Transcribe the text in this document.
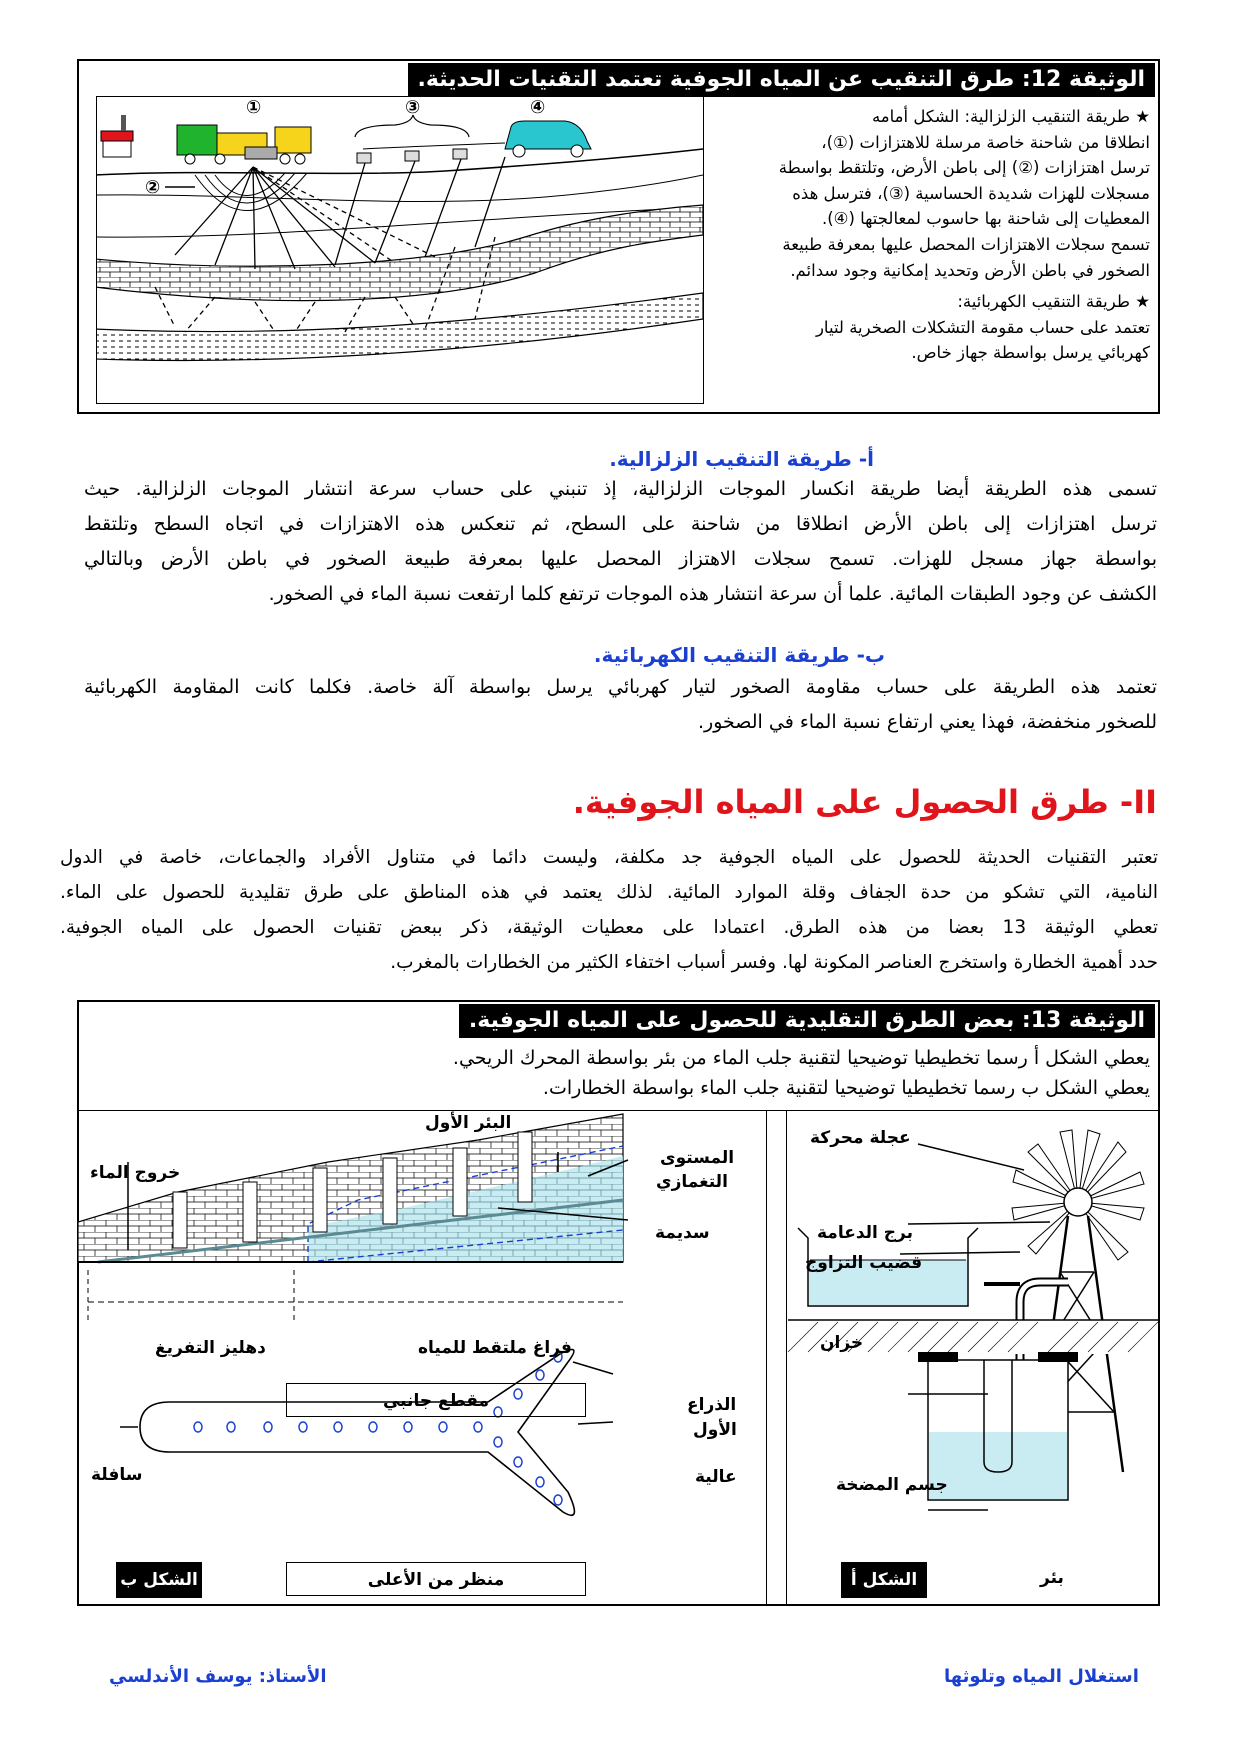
الوثيقة 12: طرق التنقيب عن المياه الجوفية تعتمد التقنيات الحديثة.
①
②
③	④	★ طريقة التنقيب الزلزالية: الشكل أمامه
انطلاقا من شاحنة خاصة مرسلة للاهتزازات (①)،
ترسل اهتزازات (②) إلى باطن الأرض، وتلتقط بواسطة
مسجلات للهزات شديدة الحساسية (③)، فترسل هذه
المعطيات إلى شاحنة بها حاسوب لمعالجتها (④).
تسمح سجلات الاهتزازات المحصل عليها بمعرفة طبيعة
الصخور في باطن الأرض وتحديد إمكانية وجود سدائم.
★ طريقة التنقيب الكهربائية:
تعتمد على حساب مقومة التشكلات الصخرية لتيار
كهربائي يرسل بواسطة جهاز خاص.
أ- طريقة التنقيب الزلزالية.
تسمى هذه الطريقة أيضا طريقة انكسار الموجات الزلزالية، إذ تنبني على حساب سرعة انتشار الموجات الزلزالية. حيث
ترسل اهتزازات إلى باطن الأرض انطلاقا من شاحنة على السطح، ثم تنعكس هذه الاهتزازات في اتجاه السطح وتلتقط
بواسطة جهاز مسجل للهزات. تسمح سجلات الاهتزاز المحصل عليها بمعرفة طبيعة الصخور في باطن الأرض وبالتالي
الكشف عن وجود الطبقات المائية. علما أن سرعة انتشار هذه الموجات ترتفع كلما ارتفعت نسبة الماء في الصخور.
ب- طريقة التنقيب الكهربائية.
تعتمد هذه الطريقة على حساب مقاومة الصخور لتيار كهربائي يرسل بواسطة آلة خاصة. فكلما كانت المقاومة الكهربائية
للصخور منخفضة، فهذا يعني ارتفاع نسبة الماء في الصخور.
II- طرق الحصول على المياه الجوفية.
تعتبر التقنيات الحديثة للحصول على المياه الجوفية جد مكلفة، وليست دائما في متناول الأفراد والجماعات، خاصة في الدول
النامية، التي تشكو من حدة الجفاف وقلة الموارد المائية. لذلك يعتمد في هذه المناطق على طرق تقليدية للحصول على الماء.
تعطي الوثيقة 13 بعضا من هذه الطرق. اعتمادا على معطيات الوثيقة، ذكر ببعض تقنيات الحصول على المياه الجوفية.
حدد أهمية الخطارة واستخرج العناصر المكونة لها. وفسر أسباب اختفاء الكثير من الخطارات بالمغرب.
الوثيقة 13: بعض الطرق التقليدية للحصول على المياه الجوفية.
يعطي الشكل أ رسما تخطيطيا توضيحيا لتقنية جلب الماء من بئر بواسطة المحرك الريحي.
يعطي الشكل ب رسما تخطيطيا توضيحيا لتقنية جلب الماء بواسطة الخطارات.
البئر الأول
المستوى
التغمازي
سديمة
خروج الماء
دهليز التفريغ	فراغ ملتقط للمياه
مقطع جانبي	الذراع
الأول
سافلة	عالية
منظر من الأعلى
الشكل ب
عجلة محركة
برج الدعامة
قضيب التزاوج
خزان
جسم المضخة
بئر
الشكل أ
الأستاذ: يوسف الأندلسي	استغلال المياه وتلوثها
